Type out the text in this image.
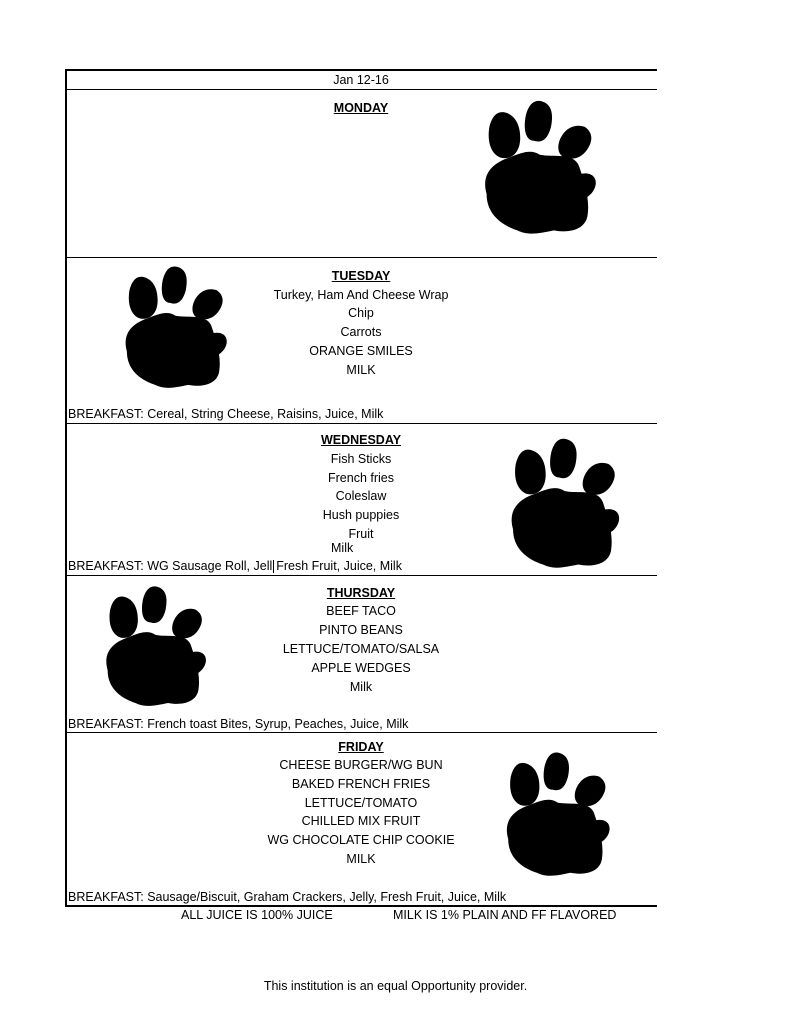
Jan 12-16
MONDAY
TUESDAY
Turkey, Ham And Cheese Wrap
Chip
Carrots
ORANGE SMILES
MILK
BREAKFAST: Cereal, String Cheese, Raisins, Juice, Milk
WEDNESDAY
Fish Sticks
French fries
Coleslaw
Hush puppies
Fruit
Milk
BREAKFAST: WG Sausage Roll, Jell Fresh Fruit, Juice, Milk
THURSDAY
BEEF TACO
PINTO BEANS
LETTUCE/TOMATO/SALSA
APPLE WEDGES
Milk
BREAKFAST: French toast Bites, Syrup, Peaches, Juice, Milk
FRIDAY
CHEESE BURGER/WG BUN
BAKED FRENCH FRIES
LETTUCE/TOMATO
CHILLED MIX FRUIT
WG CHOCOLATE CHIP COOKIE
MILK
BREAKFAST: Sausage/Biscuit, Graham Crackers, Jelly, Fresh Fruit, Juice, Milk
ALL JUICE IS 100% JUICE	MILK IS 1% PLAIN AND FF FLAVORED
This institution is an equal Opportunity provider.
